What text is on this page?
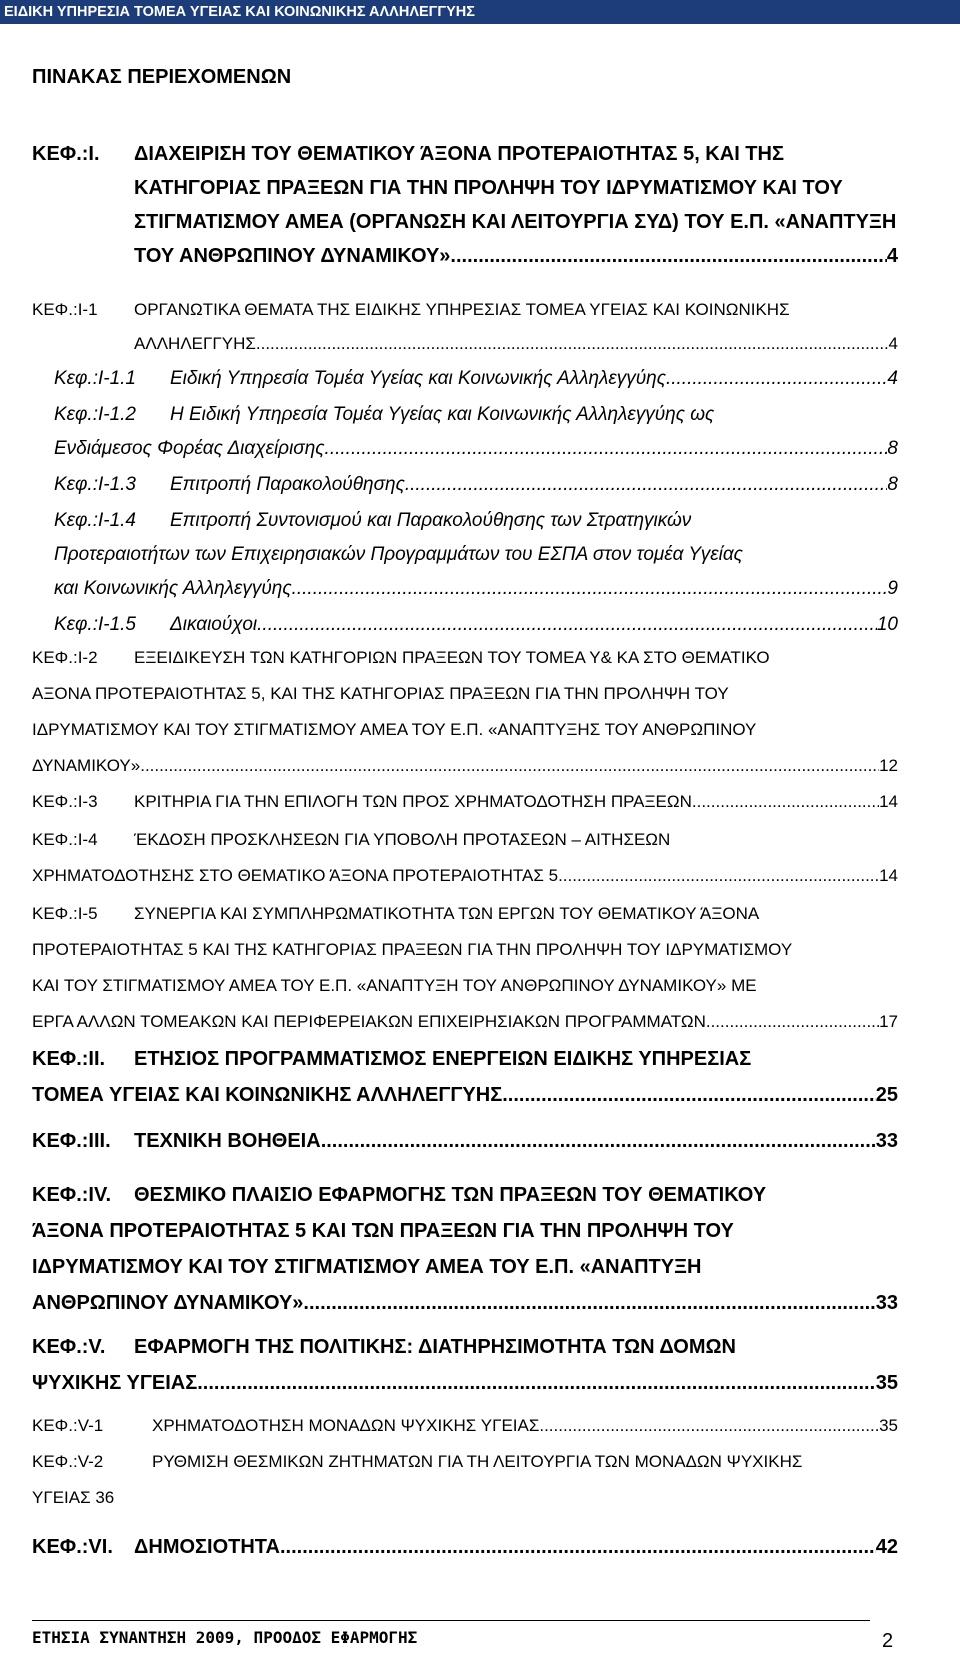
ΕΙΔΙΚΗ ΥΠΗΡΕΣΙΑ ΤΟΜΕΑ ΥΓΕΙΑΣ ΚΑΙ ΚΟΙΝΩΝΙΚΗΣ ΑΛΛΗΛΕΓΓΥΗΣ
ΠΙΝΑΚΑΣ ΠΕΡΙΕΧΟΜΕΝΩΝ
ΚΕΦ.:Ι.	ΔΙΑΧΕΙΡΙΣΗ ΤΟΥ ΘΕΜΑΤΙΚΟΥ ΆΞΟΝΑ ΠΡΟΤΕΡΑΙΟΤΗΤΑΣ 5, ΚΑΙ ΤΗΣ
ΚΑΤΗΓΟΡΙΑΣ ΠΡΑΞΕΩΝ ΓΙΑ ΤΗΝ ΠΡΟΛΗΨΗ ΤΟΥ ΙΔΡΥΜΑΤΙΣΜΟΥ ΚΑΙ ΤΟΥ
ΣΤΙΓΜΑΤΙΣΜΟΥ ΑΜΕΑ (ΟΡΓΑΝΩΣΗ ΚΑΙ ΛΕΙΤΟΥΡΓΙΑ ΣΥΔ) ΤΟΥ Ε.Π. «ΑΝΑΠΤΥΞΗ
ΤΟΥ ΑΝΘΡΩΠΙΝΟΥ ΔΥΝΑΜΙΚΟΥ» .....	4
ΚΕΦ.:Ι-1	ΟΡΓΑΝΩΤΙΚΑ ΘΕΜΑΤΑ ΤΗΣ ΕΙΔΙΚΗΣ ΥΠΗΡΕΣΙΑΣ ΤΟΜΕΑ ΥΓΕΙΑΣ ΚΑΙ ΚΟΙΝΩΝΙΚΗΣ
ΑΛΛΗΛΕΓΓΥΗΣ .....	4
Κεφ.:Ι-1.1	Ειδική Υπηρεσία Τομέα Υγείας και Κοινωνικής Αλληλεγγύης .....	4
Κεφ.:Ι-1.2	Η Ειδική Υπηρεσία Τομέα Υγείας και Κοινωνικής Αλληλεγγύης ως
Ενδιάμεσος Φορέας Διαχείρισης .....	8
Κεφ.:Ι-1.3	Επιτροπή Παρακολούθησης .....	8
Κεφ.:Ι-1.4	Επιτροπή Συντονισμού και Παρακολούθησης των Στρατηγικών
Προτεραιοτήτων των Επιχειρησιακών Προγραμμάτων του ΕΣΠΑ στον τομέα Υγείας
και Κοινωνικής Αλληλεγγύης .....	9
Κεφ.:Ι-1.5	Δικαιούχοι .....	10
ΚΕΦ.:Ι-2	ΕΞΕΙΔΙΚΕΥΣΗ ΤΩΝ ΚΑΤΗΓΟΡΙΩΝ ΠΡΑΞΕΩΝ ΤΟΥ ΤΟΜΕΑ Υ& ΚΑ ΣΤΟ ΘΕΜΑΤΙΚΟ
ΑΞΟΝΑ ΠΡΟΤΕΡΑΙΟΤΗΤΑΣ 5, ΚΑΙ ΤΗΣ ΚΑΤΗΓΟΡΙΑΣ ΠΡΑΞΕΩΝ ΓΙΑ ΤΗΝ ΠΡΟΛΗΨΗ ΤΟΥ
ΙΔΡΥΜΑΤΙΣΜΟΥ ΚΑΙ ΤΟΥ ΣΤΙΓΜΑΤΙΣΜΟΥ ΑΜΕΑ ΤΟΥ Ε.Π. «ΑΝΑΠΤΥΞΗΣ ΤΟΥ ΑΝΘΡΩΠΙΝΟΥ
ΔΥΝΑΜΙΚΟΥ» .....	12
ΚΕΦ.:Ι-3	ΚΡΙΤΗΡΙΑ ΓΙΑ ΤΗΝ ΕΠΙΛΟΓΗ ΤΩΝ ΠΡΟΣ ΧΡΗΜΑΤΟΔΟΤΗΣΗ ΠΡΑΞΕΩΝ .....	14
ΚΕΦ.:Ι-4	ΈΚΔΟΣΗ ΠΡΟΣΚΛΗΣΕΩΝ ΓΙΑ ΥΠΟΒΟΛΗ ΠΡΟΤΑΣΕΩΝ – ΑΙΤΗΣΕΩΝ
ΧΡΗΜΑΤΟΔΟΤΗΣΗΣ ΣΤΟ ΘΕΜΑΤΙΚΟ ΆΞΟΝΑ ΠΡΟΤΕΡΑΙΟΤΗΤΑΣ 5 .....	14
ΚΕΦ.:Ι-5	ΣΥΝΕΡΓΙΑ ΚΑΙ ΣΥΜΠΛΗΡΩΜΑΤΙΚΟΤΗΤΑ ΤΩΝ ΕΡΓΩΝ ΤΟΥ ΘΕΜΑΤΙΚΟΥ ΆΞΟΝΑ
ΠΡΟΤΕΡΑΙΟΤΗΤΑΣ 5 ΚΑΙ ΤΗΣ ΚΑΤΗΓΟΡΙΑΣ ΠΡΑΞΕΩΝ ΓΙΑ ΤΗΝ ΠΡΟΛΗΨΗ ΤΟΥ ΙΔΡΥΜΑΤΙΣΜΟΥ
ΚΑΙ ΤΟΥ ΣΤΙΓΜΑΤΙΣΜΟΥ ΑΜΕΑ ΤΟΥ Ε.Π. «ΑΝΑΠΤΥΞΗ ΤΟΥ ΑΝΘΡΩΠΙΝΟΥ ΔΥΝΑΜΙΚΟΥ» ΜΕ
ΕΡΓΑ ΑΛΛΩΝ ΤΟΜΕΑΚΩΝ ΚΑΙ ΠΕΡΙΦΕΡΕΙΑΚΩΝ ΕΠΙΧΕΙΡΗΣΙΑΚΩΝ ΠΡΟΓΡΑΜΜΑΤΩΝ .....	17
ΚΕΦ.:ΙΙ.	ΕΤΗΣΙΟΣ ΠΡΟΓΡΑΜΜΑΤΙΣΜΟΣ ΕΝΕΡΓΕΙΩΝ ΕΙΔΙΚΗΣ ΥΠΗΡΕΣΙΑΣ
ΤΟΜΕΑ ΥΓΕΙΑΣ ΚΑΙ ΚΟΙΝΩΝΙΚΗΣ ΑΛΛΗΛΕΓΓΥΗΣ .....	25
ΚΕΦ.:ΙΙΙ.	ΤΕΧΝΙΚΗ ΒΟΗΘΕΙΑ .....	33
ΚΕΦ.:ΙV.	ΘΕΣΜΙΚΟ ΠΛΑΙΣΙΟ ΕΦΑΡΜΟΓΗΣ ΤΩΝ ΠΡΑΞΕΩΝ ΤΟΥ ΘΕΜΑΤΙΚΟΥ
ΆΞΟΝΑ ΠΡΟΤΕΡΑΙΟΤΗΤΑΣ 5 ΚΑΙ ΤΩΝ ΠΡΑΞΕΩΝ ΓΙΑ ΤΗΝ ΠΡΟΛΗΨΗ ΤΟΥ
ΙΔΡΥΜΑΤΙΣΜΟΥ ΚΑΙ ΤΟΥ ΣΤΙΓΜΑΤΙΣΜΟΥ ΑΜΕΑ ΤΟΥ Ε.Π. «ΑΝΑΠΤΥΞΗ
ΑΝΘΡΩΠΙΝΟΥ ΔΥΝΑΜΙΚΟΥ» .....	33
ΚΕΦ.:V.	ΕΦΑΡΜΟΓΗ ΤΗΣ ΠΟΛΙΤΙΚΗΣ: ΔΙΑΤΗΡΗΣΙΜΟΤΗΤΑ ΤΩΝ ΔΟΜΩΝ
ΨΥΧΙΚΗΣ ΥΓΕΙΑΣ .....	35
ΚΕΦ.:V-1	ΧΡΗΜΑΤΟΔΟΤΗΣΗ ΜΟΝΑΔΩΝ ΨΥΧΙΚΗΣ ΥΓΕΙΑΣ .....	35
ΚΕΦ.:V-2	ΡΥΘΜΙΣΗ ΘΕΣΜΙΚΩΝ ΖΗΤΗΜΑΤΩΝ ΓΙΑ ΤΗ ΛΕΙΤΟΥΡΓΙΑ ΤΩΝ ΜΟΝΑΔΩΝ ΨΥΧΙΚΗΣ
ΥΓΕΙΑΣ 36
ΚΕΦ.:VI.	ΔΗΜΟΣΙΟΤΗΤΑ .....	42
ΕΤΗΣΙΑ ΣΥΝΑΝΤΗΣΗ 2009, ΠΡΟΟΔΟΣ ΕΦΑΡΜΟΓΗΣ	2
